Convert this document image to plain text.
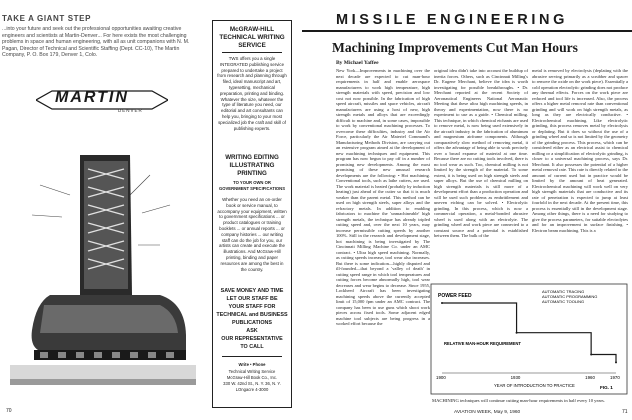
TAKE A GIANT STEP
...into your future and seek out the professional opportunities awaiting creative engineers and scientists at Martin-Denver... For here exists the most challenging problems in space and human engineering, with all as unit companions with N. M. Pagan, Director of Technical and Scientific Staffing (Dept. CC-10), The Martin Company, P. O. Box 179, Denver 1, Colo.
MARTIN
DENVER
70
McGRAW-HILL
TECHNICAL WRITING
SERVICE
TWS offers you a single INTEGRATED publishing service prepared to undertake a project from research and planning through filed, ideal manuscript and art, typesetting, mechanical preparation, printing and binding. Whatever the size, whatever the type of literature you need, our editorial and art consultants can help you, bringing to your most specialized job the craft and skill of publishing experts.
WRITING EDITING
ILLUSTRATING
PRINTING
TO YOUR OWN OR
GOVERNMENT SPECIFICATIONS
Whether you need an on-order book or service manual, to accompany your equipment, written to government specifications ... or product catalogues or training booklets ... or annual reports ... or company histories ... our writing staff can do the job for you, our artists can create and execute the illustrations. And McGraw-Hill printing, binding and paper resources are among the best in the country.
SAVE MONEY AND TIME
LET OUR STAFF BE
YOUR STAFF FOR
TECHNICAL and BUSINESS
PUBLICATIONS
ASK
OUR REPRESENTATIVE
TO CALL
Write • Phone
Technical Writing Service
McGraw-Hill Book Co., Inc.
330 W. 42nd St., N. Y. 36, N. Y.
LOngacre 4-3000
MISSILE ENGINEERING
Machining Improvements Cut Man Hours
By Michael Yaffee
New York—Improvements in machining over the next decade are expected to cut man-hour requirements in half and enable aerospace manufacturers to work high temperature, high strength materials with speed, precision and low cost not now possible. In the fabrication of high speed aircraft, missiles and space vehicles, aircraft manufacturers are using a host of new, high strength metals and alloys that are exceedingly difficult to machine and, in some cases, impossible to work by conventional machining processes. To overcome these difficulties, industry and the Air Force, particularly the Air Materiel Command's Manufacturing Methods Division, are carrying out an extensive program aimed at the development of new machining techniques and equipment. This program has now begun to pay off in a number of promising new developments. Among the most promising of these new unusual research developments are the following: • Hot machining. Conventional tools, such as lathe cutters, are used. The work material is heated (probably by induction heating) just ahead of the cutter so that it is much weaker than the parent metal. This method can be used on high strength steels, super alloys and the refractory metals. In addition to enabling fabricators to machine the 'unmachineable' high strength metals, the technique has already tripled cutting speed and, over the next 10 years, may increase permissible cutting speeds by another 100%. Still in the research and development stage, hot machining is being investigated by The Cincinnati Milling Machine Co. under an AMC contract. • Ultra high speed machining. Normally, as cutting speeds increase, tool wear also increases. But there is some indication—highly disputed and ill-founded—that beyond a 'valley of death' in cutting speed range in which tool temperatures and cutting forces become abnormally high, tool wear decreases and wear begins to decrease. Since 1955, Lockheed Aircraft has been investigating machining speeds above the currently accepted limit of 15,000 fpm under an AMC contract. The company has been to use guns which shoot work pieces across fixed tools. Some adjacent edged machine tool subjects are being progress in a worked effort because the
original idea didn't take into account the buildup of inertia forces. Others, such as Cincinnati Milling's Dr. Eugene Merchant, believe the idea is worth investigating for possible breakthroughs. • Dr. Merchant reported at the recent Society of Aeronautical Engineers National Aeronautic Meeting that these ultra high machining speeds, in theory and experimentation, now there is no experiment to use as a guide. • Chemical milling. This technique, in which chemical etchants are used to remove metal, is now being used extensively in the aircraft industry in the fabrication of aluminum and magnesium airframe components. Although comparatively slow method of removing metal, it offers the advantage of being able to work precisely over a broad expanse of material at one time. Because there are no cutting tools involved, there is no tool wear as such. Too, chemical milling is not limited by the strength of the material. To some extent, it is being used on high strength steels and super alloys. But the use of chemical milling on high strength materials is still more of a development effort than a production operation and will be used such problems as embrittlement and uneven etching can be solved. • Electrolytic grinding. In this process, which is now a commercial operation, a metal-bonded abrasive wheel is used along with an electrolyte. The grinding wheel and work piece are connected to a constant source and a potential is established between them. The bulk of the
metal is removed by electrolysis (deplating with the abrasive serving primarily as a scrubber and spacer to remove the oxide on the work piece). Essentially a cold operation electrolytic grinding does not produce any thermal effects. Forces on the work piece are reduced and tool life is increased. Also, the process offers a higher metal removal rate than conventional grinding and will work on high strength metals, as long as they are electrically conductive. • Electrochemical machining. Like electrolytic grinding, this process removes metal by electrolysis or deplating. But it does so without the use of a grinding wheel and so is not limited by the geometry of the grinding process. This process, which can be considered either as an electrical assist to chemical milling or a simplification of electrolytic grinding, is closer to a universal machining process, says Dr. Merchant. It also possesses the potential of a higher metal removal rate. This rate is directly related to the amount of current used but in practice would be limited by the amount of heat generated. Electrochemical machining will work well on very high strength materials that are conductive and its rate of penetration is expected to jump at least fourfold in the next decade. At the present time, this process is essentially still in the development stage. Among other things, there is a need for studying to give the process parameters, for suitable electrolytes and for an improvement in surface finishing. • Electron beam machining. This is a
POWER FEED
AUTOMATIC TRACING
AUTOMATIC PROGRAMMING
AUTOMATIC TOOLING
RELATIVE MAN-HOUR REQUIREMENT
1900	1930	1960	1970
YEAR OF INTRODUCTION TO PRACTICE	FIG. 1
MACHINING techniques will continue cutting man-hour requirements in half every 10 years.
AVIATION WEEK, May 9, 1960	71
